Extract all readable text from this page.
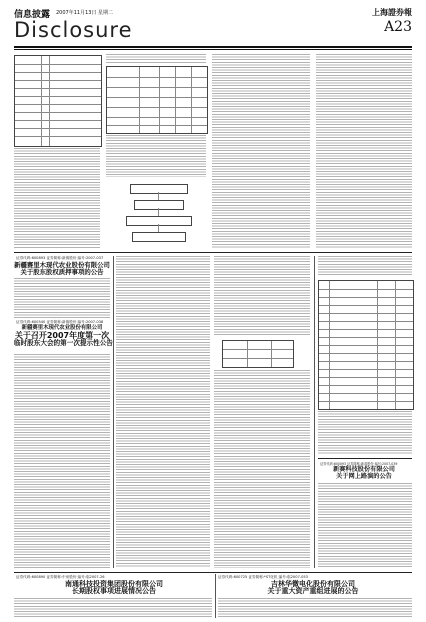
信息披露 2007年11月13日 星期二
Disclosure
上海證券報
A23
证券代码:600893 证券简称:新赛股份 编号:2007-037
新疆赛里木现代农业股份有限公司
关于股东股权质押事项的公告
证券代码:600540 证券简称:新赛股份 编号:2007-038
新疆赛里木现代农业股份有限公司
关于召开2007年度第一次
临时股东大会的第一次提示性公告
证券代码:600093 证券简称:新赛股份 编号:2007-039
新赛科技股份有限公司
关于网上路演的公告
证券代码:600890 证券简称:中房股份 编号:临2007-26
南通科技投资集团股份有限公司
长期股权事项进展情况公告
证券代码:600725 证券简称:*ST化机 编号:临2007-053
吉林华微电化股份有限公司
关于重大资产重组进展的公告
